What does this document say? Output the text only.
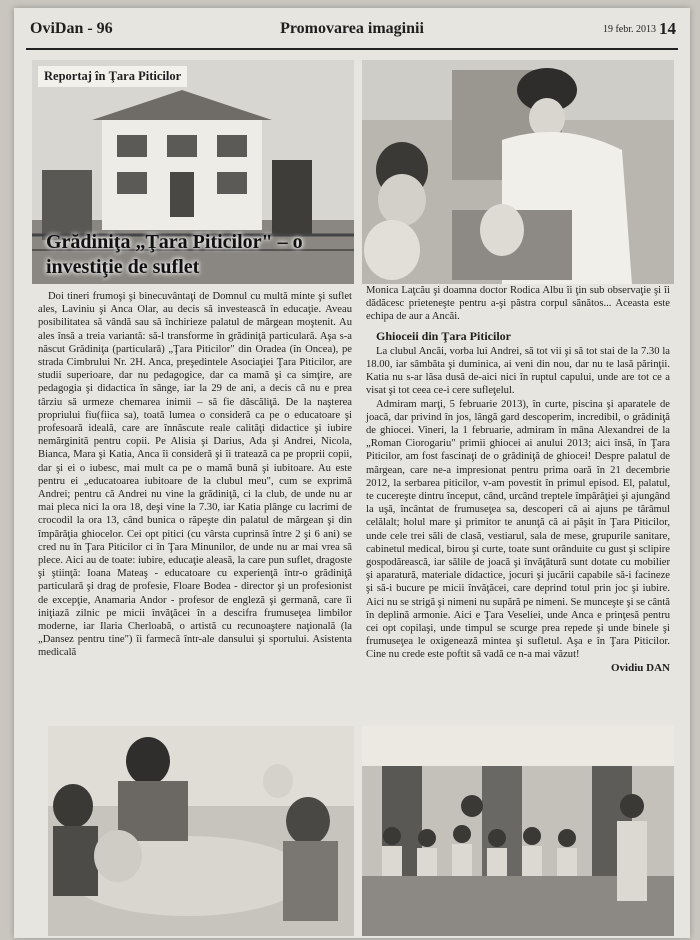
OviDan - 96	Promovarea imaginii	19 febr. 2013 14
Reportaj în Ţara Piticilor
Grădiniţa „Ţara Piticilor" – o investiţie de suflet

Doi tineri frumoşi şi binecuvântaţi de Domnul cu multă minte şi suflet ales, Laviniu şi Anca Olar, au decis să investească în educaţie. Aveau posibilitatea să vândă sau să închirieze palatul de mărgean moştenit. Au ales însă a treia variantă: să-l transforme în grădiniţă particulară. Aşa s-a născut Grădiniţa (particulară) „Ţara Piticilor" din Oradea (în Oncea), pe strada Cimbrului Nr. 2H. Anca, preşedintele Asociaţiei Ţara Piticilor, are studii superioare, dar nu pedagogice, dar ca mamă şi ca simţire, are pedagogia şi didactica în sânge, iar la 29 de ani, a decis că nu e prea târziu să urmeze chemarea inimii – să fie dăscăliţă. De la naşterea propriului fiu(fiica sa), toată lumea o consideră ca pe o educatoare şi profesoară ideală, care are înnăscute reale calităţi didactice şi iubire nemărginită pentru copii. Pe Alisia şi Darius, Ada şi Andrei, Nicola, Bianca, Mara şi Katia, Anca îi consideră şi îi tratează ca pe proprii copii, dar şi ei o iubesc, mai mult ca pe o mamă bună şi iubitoare. Au este pentru ei „educatoarea iubitoare de la clubul meu", cum se exprimă Andrei; pentru că Andrei nu vine la grădiniţă, ci la club, de unde nu ar mai pleca nici la ora 18, deşi vine la 7.30, iar Katia plânge cu lacrimi de crocodil la ora 13, când bunica o răpeşte din palatul de mărgean şi din împărăţia ghiocelor. Cei opt pitici (cu vârsta cuprinsă între 2 şi 6 ani) se cred nu în Ţara Piticilor ci în Ţara Minunilor, de unde nu ar mai vrea să plece. Aici au de toate: iubire, educaţie aleasă, la care pun suflet, dragoste şi ştiinţă: Ioana Mateaş - educatoare cu experienţă într-o grădiniţă particulară şi drag de profesie, Floare Bodea - director şi un profesionist de excepţie, Anamaria Andor - profesor de engleză şi germană, care îi iniţiază zilnic pe micii învăţăcei în a descifra frumuseţea limbilor moderne, iar Ilaria Cherloabă, o artistă cu recunoaştere naţională (la „Dansez pentru tine") îi farmecă într-ale dansului şi sportului. Asistenta medicală

Monica Laţcău şi doamna doctor Rodica Albu îi ţin sub observaţie şi îi dădăcesc prieteneşte pentru a-şi păstra corpul sănătos... Aceasta este echipa de aur a Ancăi.

Ghioceii din Ţara Piticilor

La clubul Ancăi, vorba lui Andrei, să tot vii şi să tot stai de la 7.30 la 18.00, iar sâmbăta şi duminica, ai veni din nou, dar nu te lasă părinţii. Katia nu s-ar lăsa dusă de-aici nici în ruptul capului, unde are tot ce a visat şi tot ceea ce-i cere sufleţelul.

Admiram marţi, 5 februarie 2013), în curte, piscina şi aparatele de joacă, dar privind în jos, lângă gard descoperim, incredibil, o grădiniţă de ghiocei. Vineri, la 1 februarie, admiram în mâna Alexandrei de la „Roman Ciorogariu" primii ghiocei ai anului 2013; aici însă, în Ţara Piticilor, am fost fascinaţi de o grădiniţă de ghiocei! Despre palatul de mărgean, care ne-a impresionat pentru prima oară în 21 decembrie 2012, la serbarea piticilor, v-am povestit în primul episod. El, palatul, te cucereşte dintru început, când, urcând treptele împărăţiei şi ajungând la uşă, încântat de frumuseţea sa, descoperi că ai ajuns pe tărâmul celălalt; holul mare şi primitor te anunţă că ai păşit în Ţara Piticilor, unde cele trei săli de clasă, vestiarul, sala de mese, grupurile sanitare, cabinetul medical, birou şi curte, toate sunt orânduite cu gust şi sclipire gospodărească, iar sălile de joacă şi învăţătură sunt dotate cu mobilier şi aparatură, materiale didactice, jocuri şi jucării capabile să-i facineze şi să-i bucure pe micii învăţăcei, care deprind totul prin joc şi iubire. Aici nu se strigă şi nimeni nu supără pe nimeni. Se munceşte şi se cântă în deplină armonie. Aici e Ţara Veseliei, unde Anca e prinţesă pentru cei opt copilaşi, unde timpul se scurge prea repede şi unde binele şi frumuseţea le oxigenează mintea şi sufletul. Aşa e în Ţara Piticilor. Cine nu crede este poftit să vadă ce n-a mai văzut!

Ovidiu DAN
